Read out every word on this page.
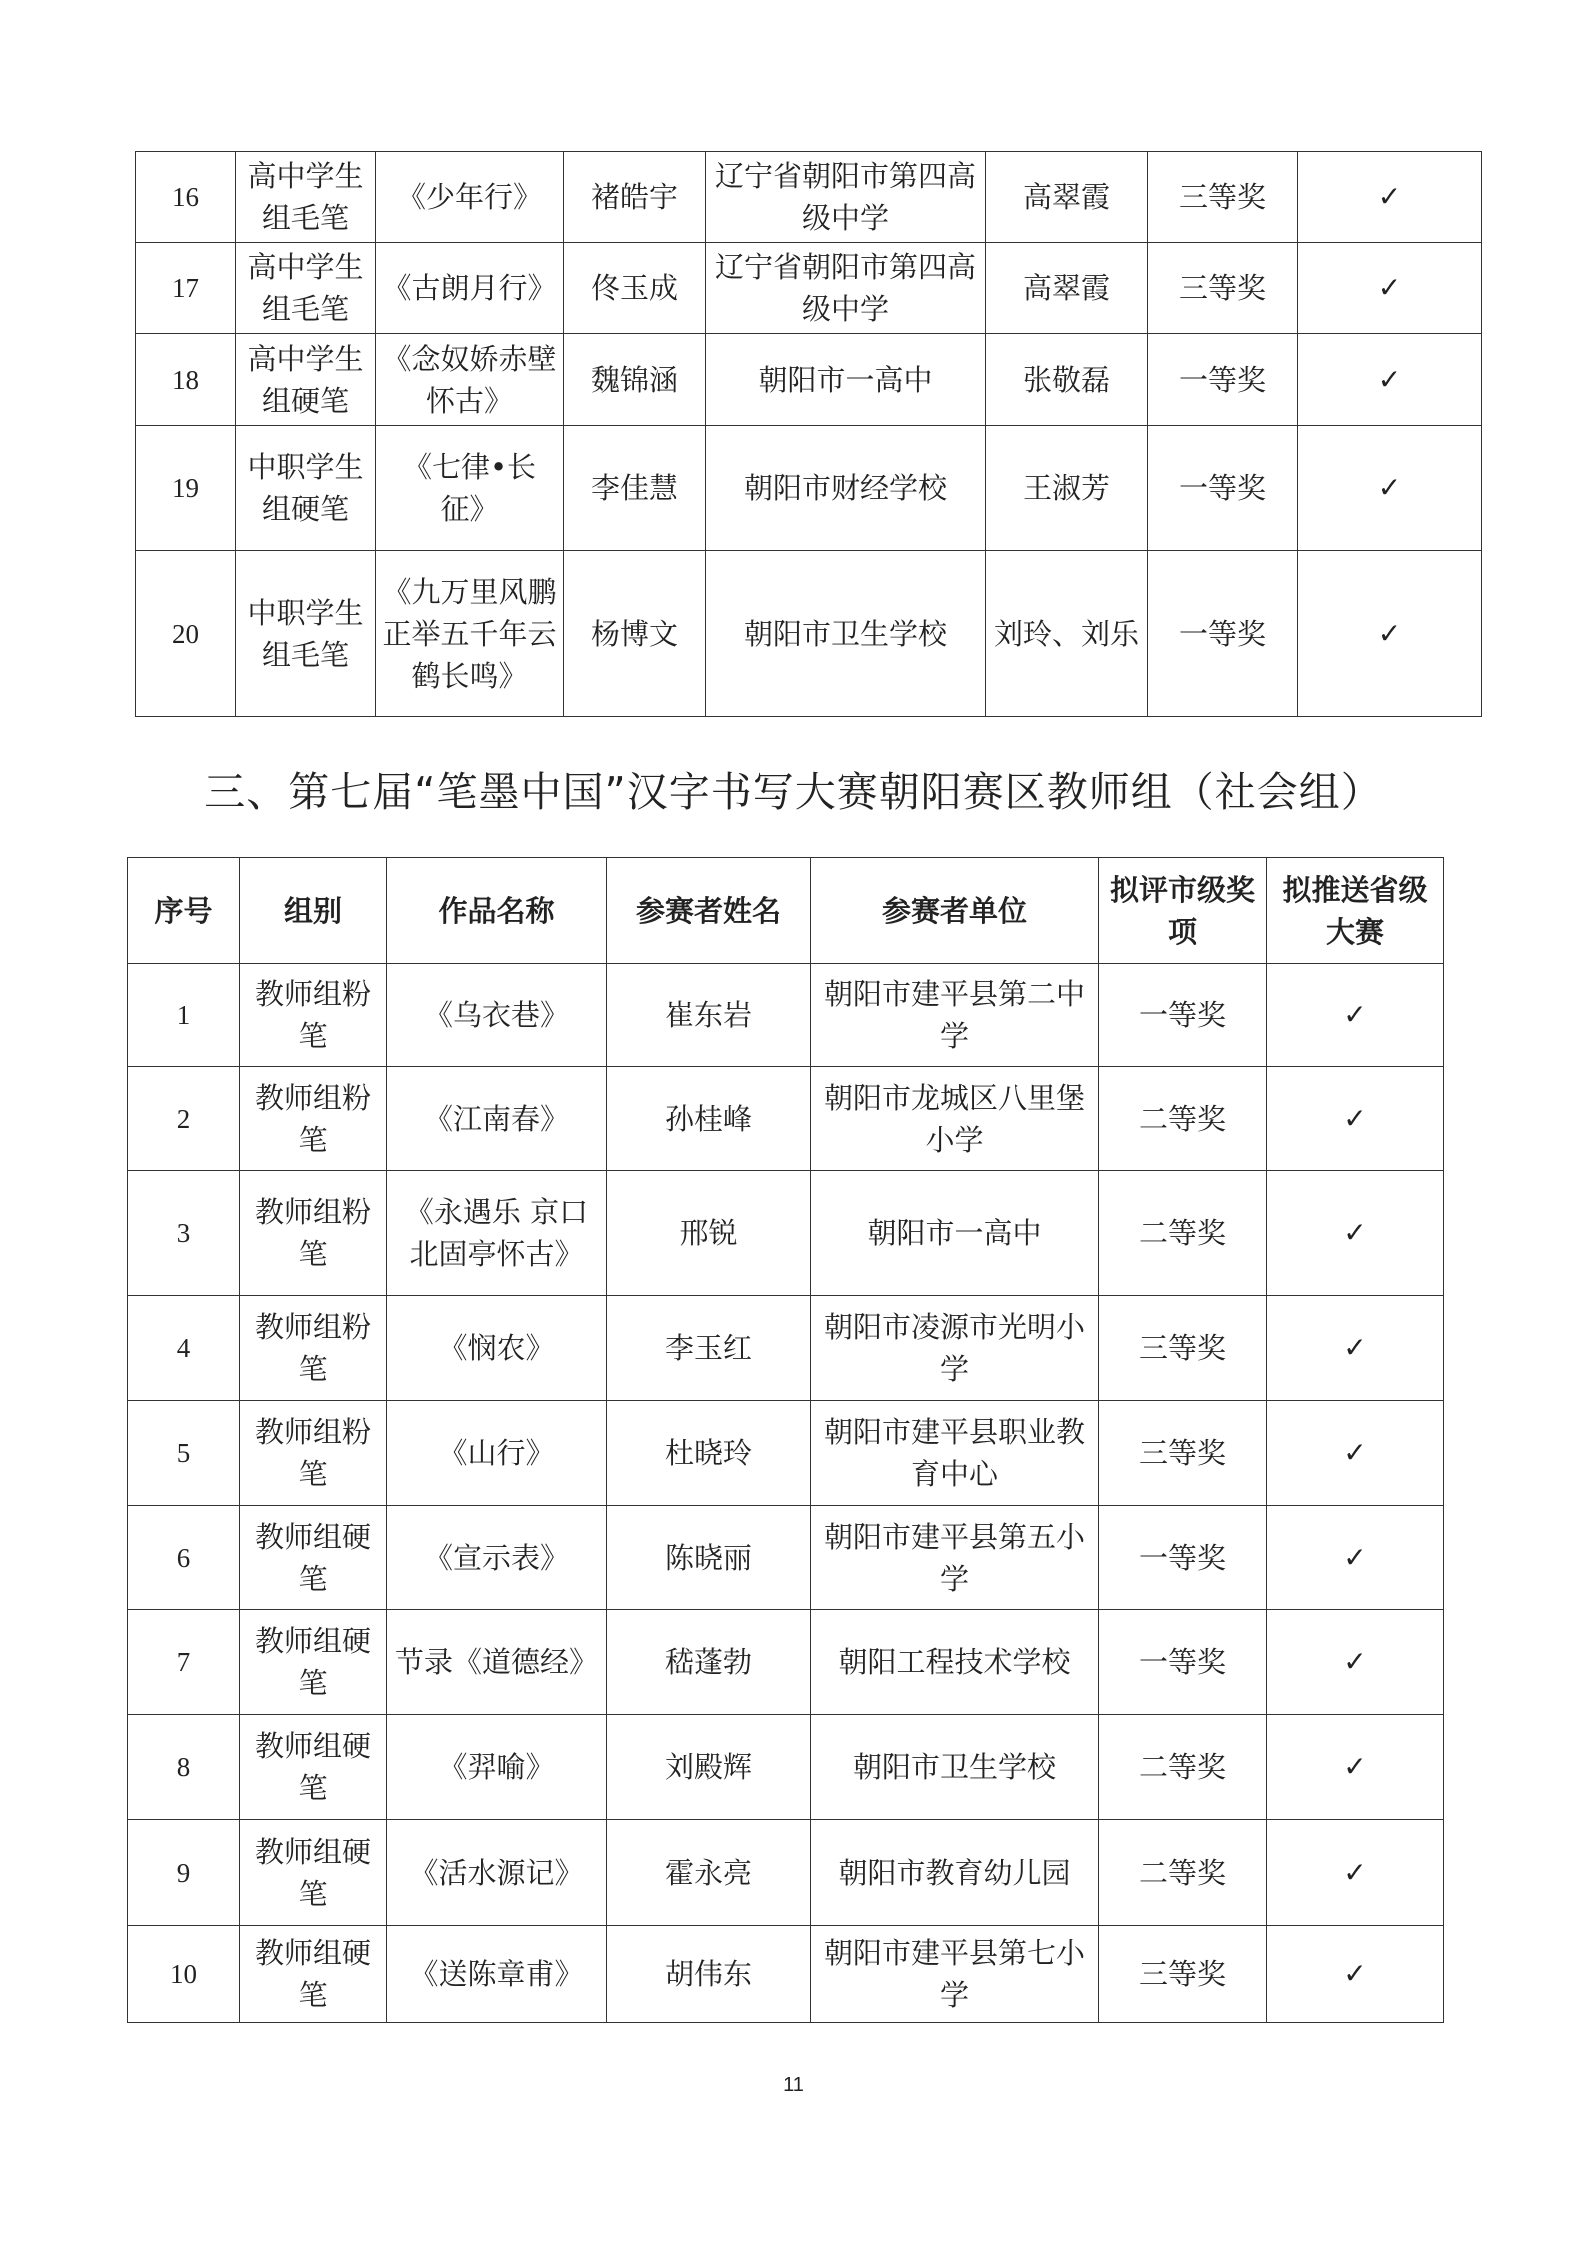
16	高中学生组毛笔	《少年行》	褚皓宇	辽宁省朝阳市第四高级中学	高翠霞	三等奖	✓
17	高中学生组毛笔	《古朗月行》	佟玉成	辽宁省朝阳市第四高级中学	高翠霞	三等奖	✓
18	高中学生组硬笔	《念奴娇赤壁怀古》	魏锦涵	朝阳市一高中	张敬磊	一等奖	✓
19	中职学生组硬笔	《七律•长征》	李佳慧	朝阳市财经学校	王淑芳	一等奖	✓
20	中职学生组毛笔	《九万里风鹏正举五千年云鹤长鸣》	杨博文	朝阳市卫生学校	刘玲、刘乐	一等奖	✓
三、第七届“笔墨中国”汉字书写大赛朝阳赛区教师组（社会组）
序号	组别	作品名称	参赛者姓名	参赛者单位	拟评市级奖项	拟推送省级大赛
1	教师组粉笔	《乌衣巷》	崔东岩	朝阳市建平县第二中学	一等奖	✓
2	教师组粉笔	《江南春》	孙桂峰	朝阳市龙城区八里堡小学	二等奖	✓
3	教师组粉笔	《永遇乐 京口北固亭怀古》	邢锐	朝阳市一高中	二等奖	✓
4	教师组粉笔	《悯农》	李玉红	朝阳市凌源市光明小学	三等奖	✓
5	教师组粉笔	《山行》	杜晓玲	朝阳市建平县职业教育中心	三等奖	✓
6	教师组硬笔	《宣示表》	陈晓丽	朝阳市建平县第五小学	一等奖	✓
7	教师组硬笔	节录《道德经》	嵇蓬勃	朝阳工程技术学校	一等奖	✓
8	教师组硬笔	《羿喻》	刘殿辉	朝阳市卫生学校	二等奖	✓
9	教师组硬笔	《活水源记》	霍永亮	朝阳市教育幼儿园	二等奖	✓
10	教师组硬笔	《送陈章甫》	胡伟东	朝阳市建平县第七小学	三等奖	✓
11
